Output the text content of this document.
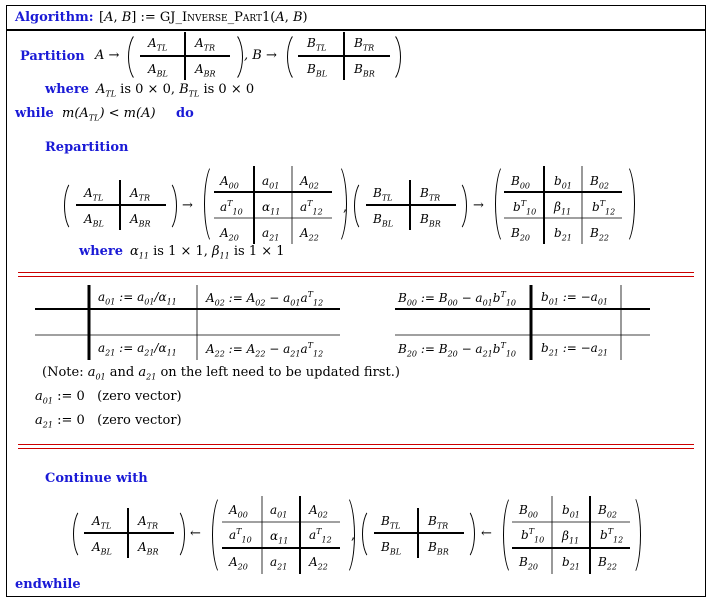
Algorithm: [A, B] := GJ_Inverse_Part1(A, B)
Partition A →
$A_{TL}$ $A_{TR}$
$A_{BL}$ $A_{BR}$
, B →
$B_{TL}$ $B_{TR}$
$B_{BL}$ $B_{BR}$
where $A_{TL}$ is 0 × 0, $B_{TL}$ is 0 × 0
while $m(A_{TL}) < m(A)$ do
Repartition
$A_{TL}$ $A_{TR}$
$A_{BL}$ $A_{BR}$
→
$A_{00}$ $a_{01}$ $A_{02}$
$a^T_{10}$ $\alpha_{11}$ $a^T_{12}$
$A_{20}$ $a_{21}$ $A_{22}$
,
$B_{TL}$ $B_{TR}$
$B_{BL}$ $B_{BR}$
→
$B_{00}$ $b_{01}$ $B_{02}$
$b^T_{10}$ $\beta_{11}$ $b^T_{12}$
$B_{20}$ $b_{21}$ $B_{22}$
where $\alpha_{11}$ is 1 × 1, $\beta_{11}$ is 1 × 1
$a_{01}$ := $a_{01}/\alpha_{11}$ $A_{02}$ := $A_{02} - a_{01}a^T_{12}$
$a_{21}$ := $a_{21}/\alpha_{11}$ $A_{22}$ := $A_{22} - a_{21}a^T_{12}$
$B_{00}$ := $B_{00} - a_{01}b^T_{10}$ $b_{01}$ := $-a_{01}$
$B_{20}$ := $B_{20} - a_{21}b^T_{10}$ $b_{21}$ := $-a_{21}$
(Note: $a_{01}$ and $a_{21}$ on the left need to be updated first.)
$a_{01}$ := 0   (zero vector)
$a_{21}$ := 0   (zero vector)
Continue with
$A_{TL}$ $A_{TR}$
$A_{BL}$ $A_{BR}$
←
$A_{00}$ $a_{01}$ $A_{02}$
$a^T_{10}$ $\alpha_{11}$ $a^T_{12}$
$A_{20}$ $a_{21}$ $A_{22}$
,
$B_{TL}$ $B_{TR}$
$B_{BL}$ $B_{BR}$
←
$B_{00}$ $b_{01}$ $B_{02}$
$b^T_{10}$ $\beta_{11}$ $b^T_{12}$
$B_{20}$ $b_{21}$ $B_{22}$
endwhile
